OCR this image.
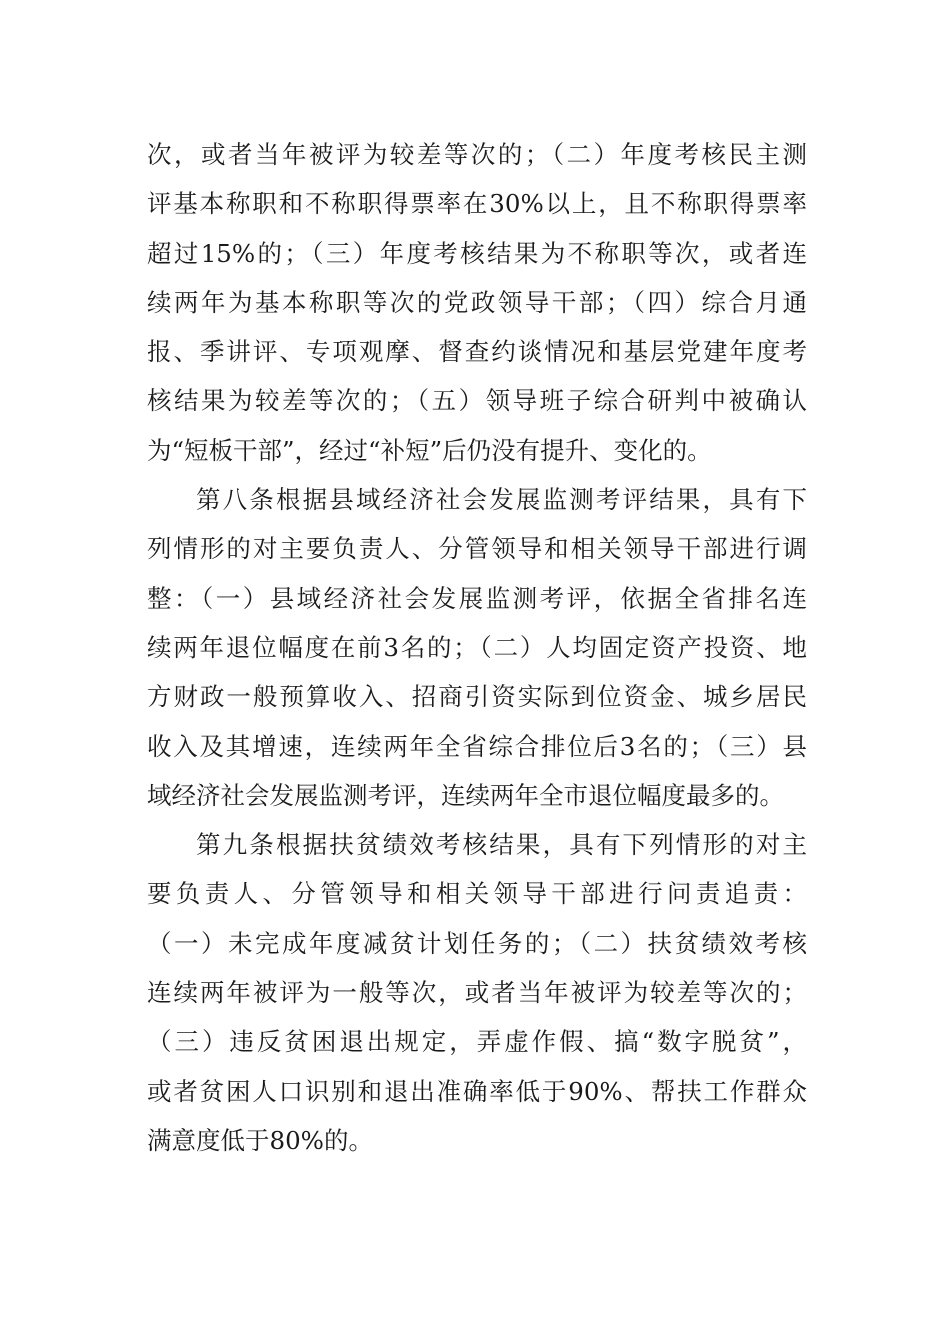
次，或者当年被评为较差等次的；（二）年度考核民主测
评基本称职和不称职得票率在30%以上，且不称职得票率
超过15%的；（三）年度考核结果为不称职等次，或者连
续两年为基本称职等次的党政领导干部；（四）综合月通
报、季讲评、专项观摩、督查约谈情况和基层党建年度考
核结果为较差等次的；（五）领导班子综合研判中被确认
为“短板干部”，经过“补短”后仍没有提升、变化的。
第八条根据县域经济社会发展监测考评结果，具有下
列情形的对主要负责人、分管领导和相关领导干部进行调
整：（一）县域经济社会发展监测考评，依据全省排名连
续两年退位幅度在前3名的；（二）人均固定资产投资、地
方财政一般预算收入、招商引资实际到位资金、城乡居民
收入及其增速，连续两年全省综合排位后3名的；（三）县
域经济社会发展监测考评，连续两年全市退位幅度最多的。
第九条根据扶贫绩效考核结果，具有下列情形的对主
要负责人、分管领导和相关领导干部进行问责追责：
（一）未完成年度减贫计划任务的；（二）扶贫绩效考核
连续两年被评为一般等次，或者当年被评为较差等次的；
（三）违反贫困退出规定，弄虚作假、搞“数字脱贫”，
或者贫困人口识别和退出准确率低于90%、帮扶工作群众
满意度低于80%的。
